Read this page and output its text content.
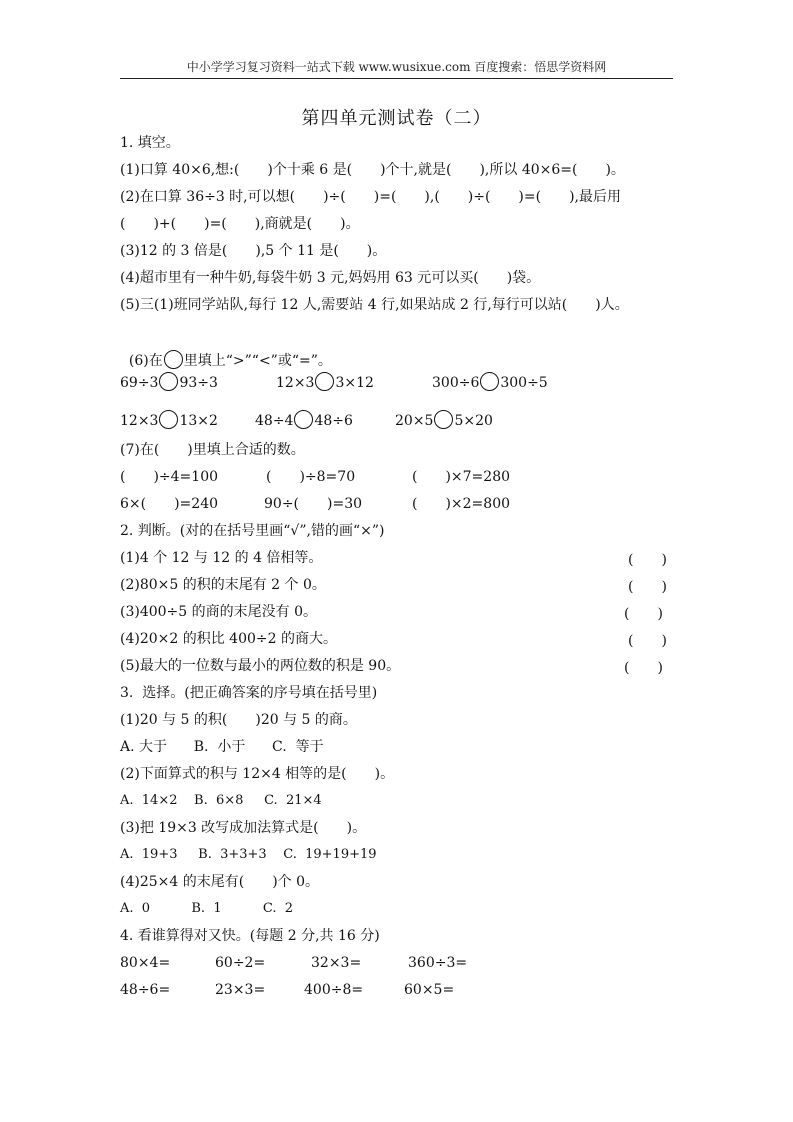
中小学学习复习资料一站式下载 www.wusixue.com 百度搜索：悟思学资料网
第四单元测试卷（二）
1. 填空。
(1)口算 40×6,想:(　　)个十乘 6 是(　　)个十,就是(　　),所以 40×6=(　　)。
(2)在口算 36÷3 时,可以想(　　)÷(　　)=(　　),(　　)÷(　　)=(　　),最后用
(　　)+(　　)=(　　),商就是(　　)。
(3)12 的 3 倍是(　　),5 个 11 是(　　)。
(4)超市里有一种牛奶,每袋牛奶 3 元,妈妈用 63 元可以买(　　)袋。
(5)三(1)班同学站队,每行 12 人,需要站 4 行,如果站成 2 行,每行可以站(　　)人。

(6)在 里填上“>”“<”或“=”。

69÷3 93÷3	12×3 3×12	300÷6 300÷5
12×3 13×2	48÷4 48÷6	20×5 5×20
(7)在(　　)里填上合适的数。
(　　)÷4=100	(　　)÷8=70	(　　)×7=280
6×(　　)=240	90÷(　　)=30	(　　)×2=800
2. 判断。(对的在括号里画“√”,错的画“×”)
(1)4 个 12 与 12 的 4 倍相等。	(　　)
(2)80×5 的积的末尾有 2 个 0。	(　　)
(3)400÷5 的商的末尾没有 0。	(　　)
(4)20×2 的积比 400÷2 的商大。	(　　)
(5)最大的一位数与最小的两位数的积是 90。	(　　)
3.  选择。(把正确答案的序号填在括号里)
(1)20 与 5 的积(　　)20 与 5 的商。
A. 大于      B.  小于      C.  等于
(2)下面算式的积与 12×4 相等的是(　　)。
A.  14×2    B.  6×8     C.  21×4
(3)把 19×3 改写成加法算式是(　　)。
A.  19+3     B.  3+3+3    C.  19+19+19
(4)25×4 的末尾有(　　)个 0。
A.  0          B.  1          C.  2
4. 看谁算得对又快。(每题 2 分,共 16 分)
80×4=	60÷2=	32×3=	360÷3=
48÷6=	23×3=	400÷8=	60×5=
